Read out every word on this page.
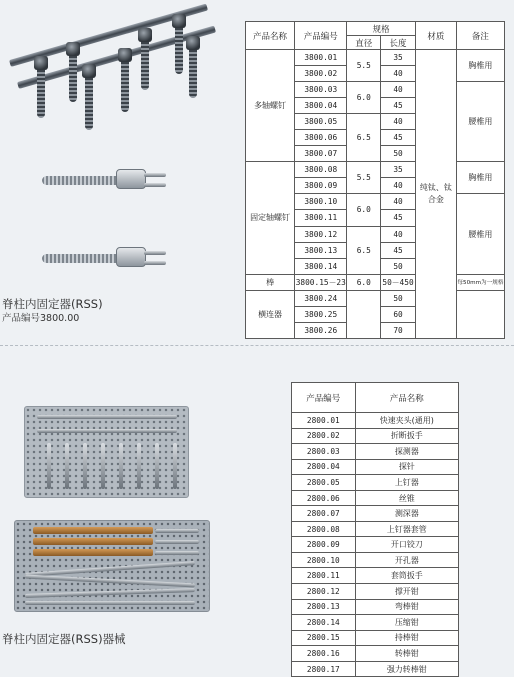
脊柱内固定器(RSS)
产品编号3800.00
产品名称	产品编号	规格		材质	备注
		直径	长度		
多轴螺钉	3800.01	5.5	35	纯钛、钛合金	胸椎用
	3800.02		40		
	3800.03	6.0	40		腰椎用
	3800.04		45		
	3800.05	6.5	40		
	3800.06		45		
	3800.07		50		
固定轴螺钉	3800.08	5.5	35		胸椎用
	3800.09		40		
	3800.10	6.0	40		腰椎用
	3800.11		45		
	3800.12	6.5	40		
	3800.13		45		
	3800.14		50		
棒	3800.15－23	6.0	50－450		每50mm为一规格
横连器	3800.24		50		
	3800.25		60		
	3800.26		70		
脊柱内固定器(RSS)器械
产品编号	产品名称
2800.01	快速夹头(通用)
2800.02	折断扳手
2800.03	探测器
2800.04	探针
2800.05	上钉器
2800.06	丝锥
2800.07	测深器
2800.08	上钉器套管
2800.09	开口铰刀
2800.10	开孔器
2800.11	套筒扳手
2800.12	撑开钳
2800.13	弯棒钳
2800.14	压缩钳
2800.15	持棒钳
2800.16	转棒钳
2800.17	强力转棒钳
